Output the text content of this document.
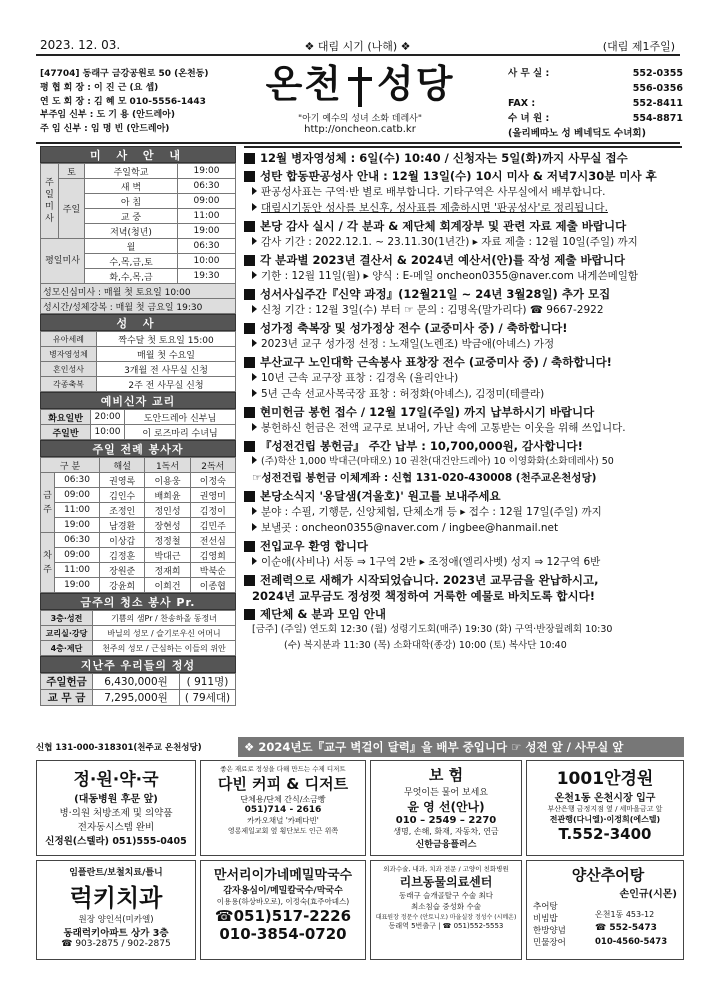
2023. 12. 03.	❖ 대림 시기 (나해) ❖	(대림 제1주일)
[47704] 동래구 금강공원로 50 (온천동)
평 협 회 장 : 이 진 근 (요 셉)
연 도 회 장 : 김 혜 모 010-5556-1443
부주임 신부 : 도 기 용 (안드레아)
주 임 신부 : 임 명 빈 (안드레아)
온천 성당
"아기 예수의 성녀 소화 데레사"
http://oncheon.catb.kr
사 무 실 :	552-0355
556-0356
FAX :	552-8411
수 녀 원 :	554-8871
(올리베따노 성 베네딕도 수녀회)
미 사 안 내
주일미사	토	주일학교	19:00
	주일	새 벽	06:30
		아 침	09:00
		교 중	11:00
		저녁(청년)	19:00
평일미사		월	06:30
		수,목,금,토	10:00
		화,수,목,금	19:30
성모신심미사 : 매월 첫 토요일 10:00			
성시간/성체강복 : 매월 첫 금요일 19:30			
성 사
유아세례	짝수달 첫 토요일 15:00
병자영성체	매월 첫 수요일
혼인성사	3개월 전 사무실 신청
각종축복	2주 전 사무실 신청
예비신자 교리
화요일반	20:00	도안드레아 신부님
주일반	10:00	이 로즈마리 수녀님
주일 전례 봉사자
구 분		해설	1독서	2독서
금주	06:30	권영록	이용웅	이정숙
	09:00	김인수	배희윤	권영미
	11:00	조정인	정인성	김정이
	19:00	남경환	장현성	김민주
차주	06:30	이상갑	정정철	전선심
	09:00	김정훈	박대근	김영희
	11:00	장원준	정재희	박북순
	19:00	강윤희	이희건	이종협
금주의 청소 봉사 Pr.
3층·성전	기쁨의 샘Pr / 찬송하올 동정녀
교리실·강당	바닐의 성모 / 슬기로우신 어머니
4층·제단	천주의 성모 / 근심하는 이들의 위안
지난주 우리들의 정성
주일헌금	6,430,000원	( 911명)
교 무 금	7,295,000원	( 79세대)
신협 131-000-318301(천주교 온천성당)
12월 병자영성체 : 6일(수) 10:40 / 신청자는 5일(화)까지 사무실 접수
성탄 합동판공성사 안내 : 12월 13일(수) 10시 미사 & 저녁7시30분 미사 후
판공성사표는 구역·반 별로 배부합니다. 기타구역은 사무실에서 배부합니다.
대림시기동안 성사를 보신후, 성사표를 제출하시면 '판공성사'로 정리됩니다.
본당 감사 실시 / 각 분과 & 제단체 회계장부 및 관련 자료 제출 바랍니다
감사 기간 : 2022.12.1. ~ 23.11.30(1년간) ▸ 자료 제출 : 12월 10일(주일) 까지
각 분과별 2023년 결산서 & 2024년 예산서(안)를 작성 제출 바랍니다
기한 : 12월 11일(월) ▸ 양식 : E-메일 oncheon0355@naver.com 내게쓴메일함
성서사십주간『신약 과정』(12월21일 ~ 24년 3월28일) 추가 모집
신청 기간 : 12월 3일(수) 부터 ☞ 문의 : 김명옥(말가리다) ☎ 9667-2922
성가정 축복장 및 성가정상 전수 (교중미사 중) / 축하합니다!
2023년 교구 성가정 선정 : 노재일(노렌조) 박금애(아녜스) 가정
부산교구 노인대학 근속봉사 표창장 전수 (교중미사 중) / 축하합니다!
10년 근속 교구장 표창 : 김경옥 (율리안나)
5년 근속 선교사목국장 표창 : 허정화(아녜스), 김정미(테클라)
현미헌금 봉헌 접수 / 12월 17일(주일) 까지 납부하시기 바랍니다
봉헌하신 헌금은 전액 교구로 보내어, 가난 속에 고통받는 이웃을 위해 쓰입니다.
『성전건립 봉헌금』 주간 납부 : 10,700,000원, 감사합니다!
(주)학산 1,000 박대근(마태오) 10 권찬(대건안드레아) 10 이영화화(소화데레사) 50
☞성전건립 봉헌금 이체계좌 : 신협 131-020-430008 (천주교온천성당)
본당소식지 '옹달샘(겨울호)' 원고를 보내주세요
분야 : 수필, 기행문, 신앙체험, 단체소개 등 ▸ 접수 : 12월 17일(주일) 까지
보낼곳 : oncheon0355@naver.com / ingbee@hanmail.net
전입교우 환영 합니다
이순애(사비나) 서동 ⇒ 1구역 2반 ▸ 조정애(엘리사벳) 성지 ⇒ 12구역 6반
전례력으로 새해가 시작되었습니다. 2023년 교무금을 완납하시고,
2024년 교무금도 정성껏 책정하여 거룩한 예물로 바치도록 합시다!
제단체 & 분과 모임 안내
[금주] (주일) 연도회 12:30 (월) 성령기도회(매주) 19:30 (화) 구역·반장월례회 10:30
(수) 복지분과 11:30 (목) 소화대학(종강) 10:00 (토) 복사단 10:40
❖ 2024년도『교구 벽걸이 달력』을 배부 중입니다 ☞ 성전 앞 / 사무실 앞
정·원·약·국
(대동병원 후문 앞)
병·의원 처방조제 및 의약품
전자동시스템 완비
신정원(스텔라) 051)555-0405
좋은 재료로 정성을 다해 만드는 수제 디저트
다빈 커피 & 디저트
단체용/단체 간식/소금빵
051)714 - 2616
카카오채널 '카페다빈'
영롱제일교회 옆 횡단보도 인근 위쪽
보 험
무엇이든 물어 보세요
윤 영 선(안나)
010 – 2549 – 2270
생명, 손해, 화재, 자동차, 연금
신한금융플러스
1001안경원
온천1동 온천시장 입구
부산은행 금정지점 옆 / 세마을금고 앞
전관행(다니엘)·이정희(에스텔)
T.552-3400
임플란트/보철치료/틀니
럭키치과
원장 양인석(미카엘)
동래럭키아파트 상가 3층
☎ 903-2875 / 902-2875
만서리이가네메밀막국수
감자옹심이/메밀칼국수/막국수
이용용(하상바오로), 이정숙(효주아녜스)
☎051)517-2226
010-3854-0720
외과수술, 내과, 치과 전문 / 고양이 친화병원
리브동물의료센터
동래구 슬개골탈구 수술 최다
최소침습 중성화 수술
대표원장 정문수 (안토니오) 마을실장 정성수 (시메온)
동래역 5번출구 | ☎ 051)552-5553
양산추어탕
손인규(시몬)
추어탕
비빔밥
한방양념
민물장어
온천1동 453-12
☎ 552-5473
010-4560-5473
